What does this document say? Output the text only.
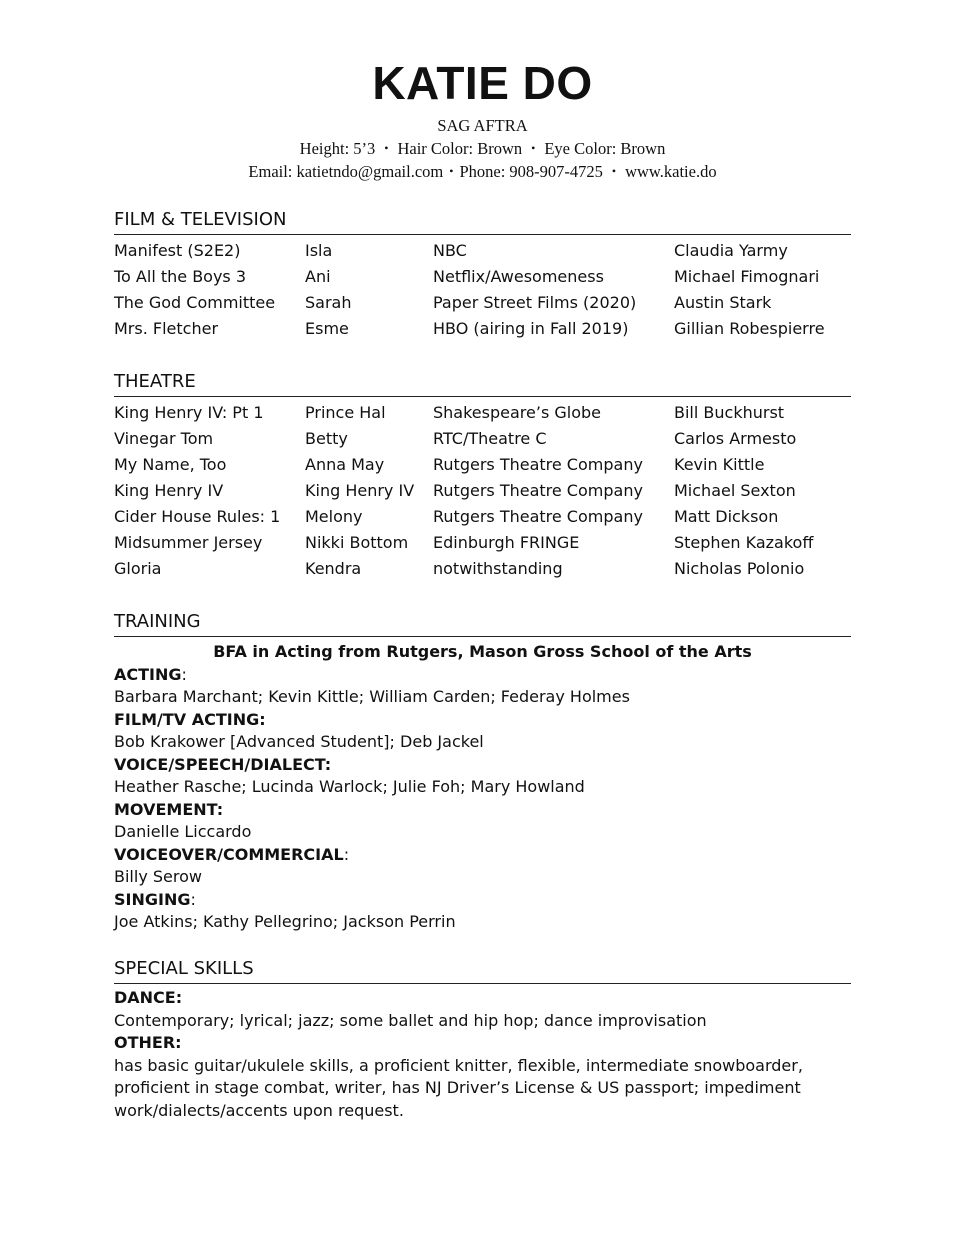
KATIE DO
SAG AFTRA
Height: 5’3 • Hair Color: Brown • Eye Color: Brown
Email: katietndo@gmail.com • Phone: 908-907-4725 • www.katie.do
FILM & TELEVISION
Manifest (S2E2)	Isla	NBC	Claudia Yarmy
To All the Boys 3	Ani	Netflix/Awesomeness	Michael Fimognari
The God Committee	Sarah	Paper Street Films (2020)	Austin Stark
Mrs. Fletcher	Esme	HBO (airing in Fall 2019)	Gillian Robespierre
THEATRE
King Henry IV: Pt 1	Prince Hal	Shakespeare’s Globe	Bill Buckhurst
Vinegar Tom	Betty	RTC/Theatre C	Carlos Armesto
My Name, Too	Anna May	Rutgers Theatre Company	Kevin Kittle
King Henry IV	King Henry IV	Rutgers Theatre Company	Michael Sexton
Cider House Rules: 1	Melony	Rutgers Theatre Company	Matt Dickson
Midsummer Jersey	Nikki Bottom	Edinburgh FRINGE	Stephen Kazakoff
Gloria	Kendra	notwithstanding	Nicholas Polonio
TRAINING
BFA in Acting from Rutgers, Mason Gross School of the Arts
ACTING:
Barbara Marchant; Kevin Kittle; William Carden; Federay Holmes
FILM/TV ACTING:
Bob Krakower [Advanced Student]; Deb Jackel
VOICE/SPEECH/DIALECT:
Heather Rasche; Lucinda Warlock; Julie Foh; Mary Howland
MOVEMENT:
Danielle Liccardo
VOICEOVER/COMMERCIAL:
Billy Serow
SINGING:
Joe Atkins; Kathy Pellegrino; Jackson Perrin
SPECIAL SKILLS
DANCE:
Contemporary; lyrical; jazz; some ballet and hip hop; dance improvisation
OTHER:
has basic guitar/ukulele skills, a proficient knitter, flexible, intermediate snowboarder, proficient in stage combat, writer, has NJ Driver’s License & US passport; impediment work/dialects/accents upon request.
